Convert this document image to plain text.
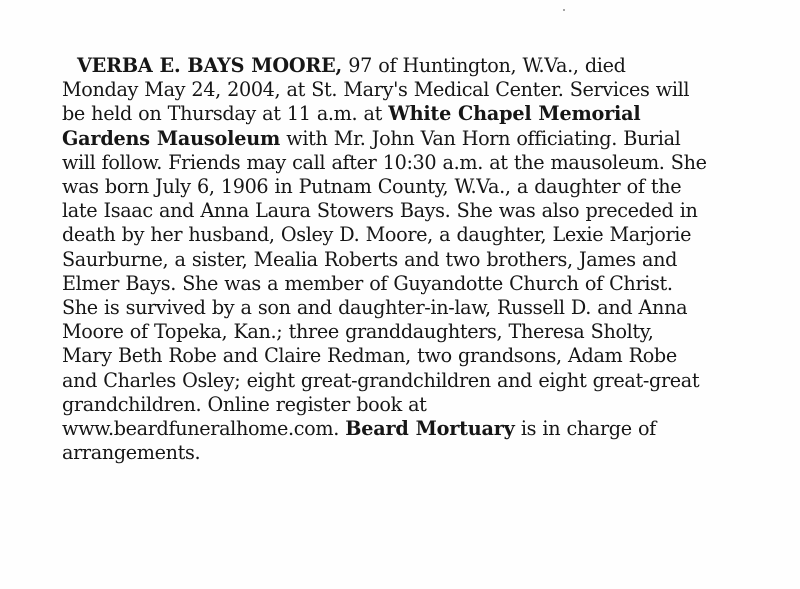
VERBA E. BAYS MOORE, 97 of Huntington, W.Va., died
Monday May 24, 2004, at St. Mary's Medical Center. Services will
be held on Thursday at 11 a.m. at White Chapel Memorial
Gardens Mausoleum with Mr. John Van Horn officiating. Burial
will follow. Friends may call after 10:30 a.m. at the mausoleum. She
was born July 6, 1906 in Putnam County, W.Va., a daughter of the
late Isaac and Anna Laura Stowers Bays. She was also preceded in
death by her husband, Osley D. Moore, a daughter, Lexie Marjorie
Saurburne, a sister, Mealia Roberts and two brothers, James and
Elmer Bays. She was a member of Guyandotte Church of Christ.
She is survived by a son and daughter-in-law, Russell D. and Anna
Moore of Topeka, Kan.; three granddaughters, Theresa Sholty,
Mary Beth Robe and Claire Redman, two grandsons, Adam Robe
and Charles Osley; eight great-grandchildren and eight great-great
grandchildren. Online register book at
www.beardfuneralhome.com. Beard Mortuary is in charge of
arrangements.
